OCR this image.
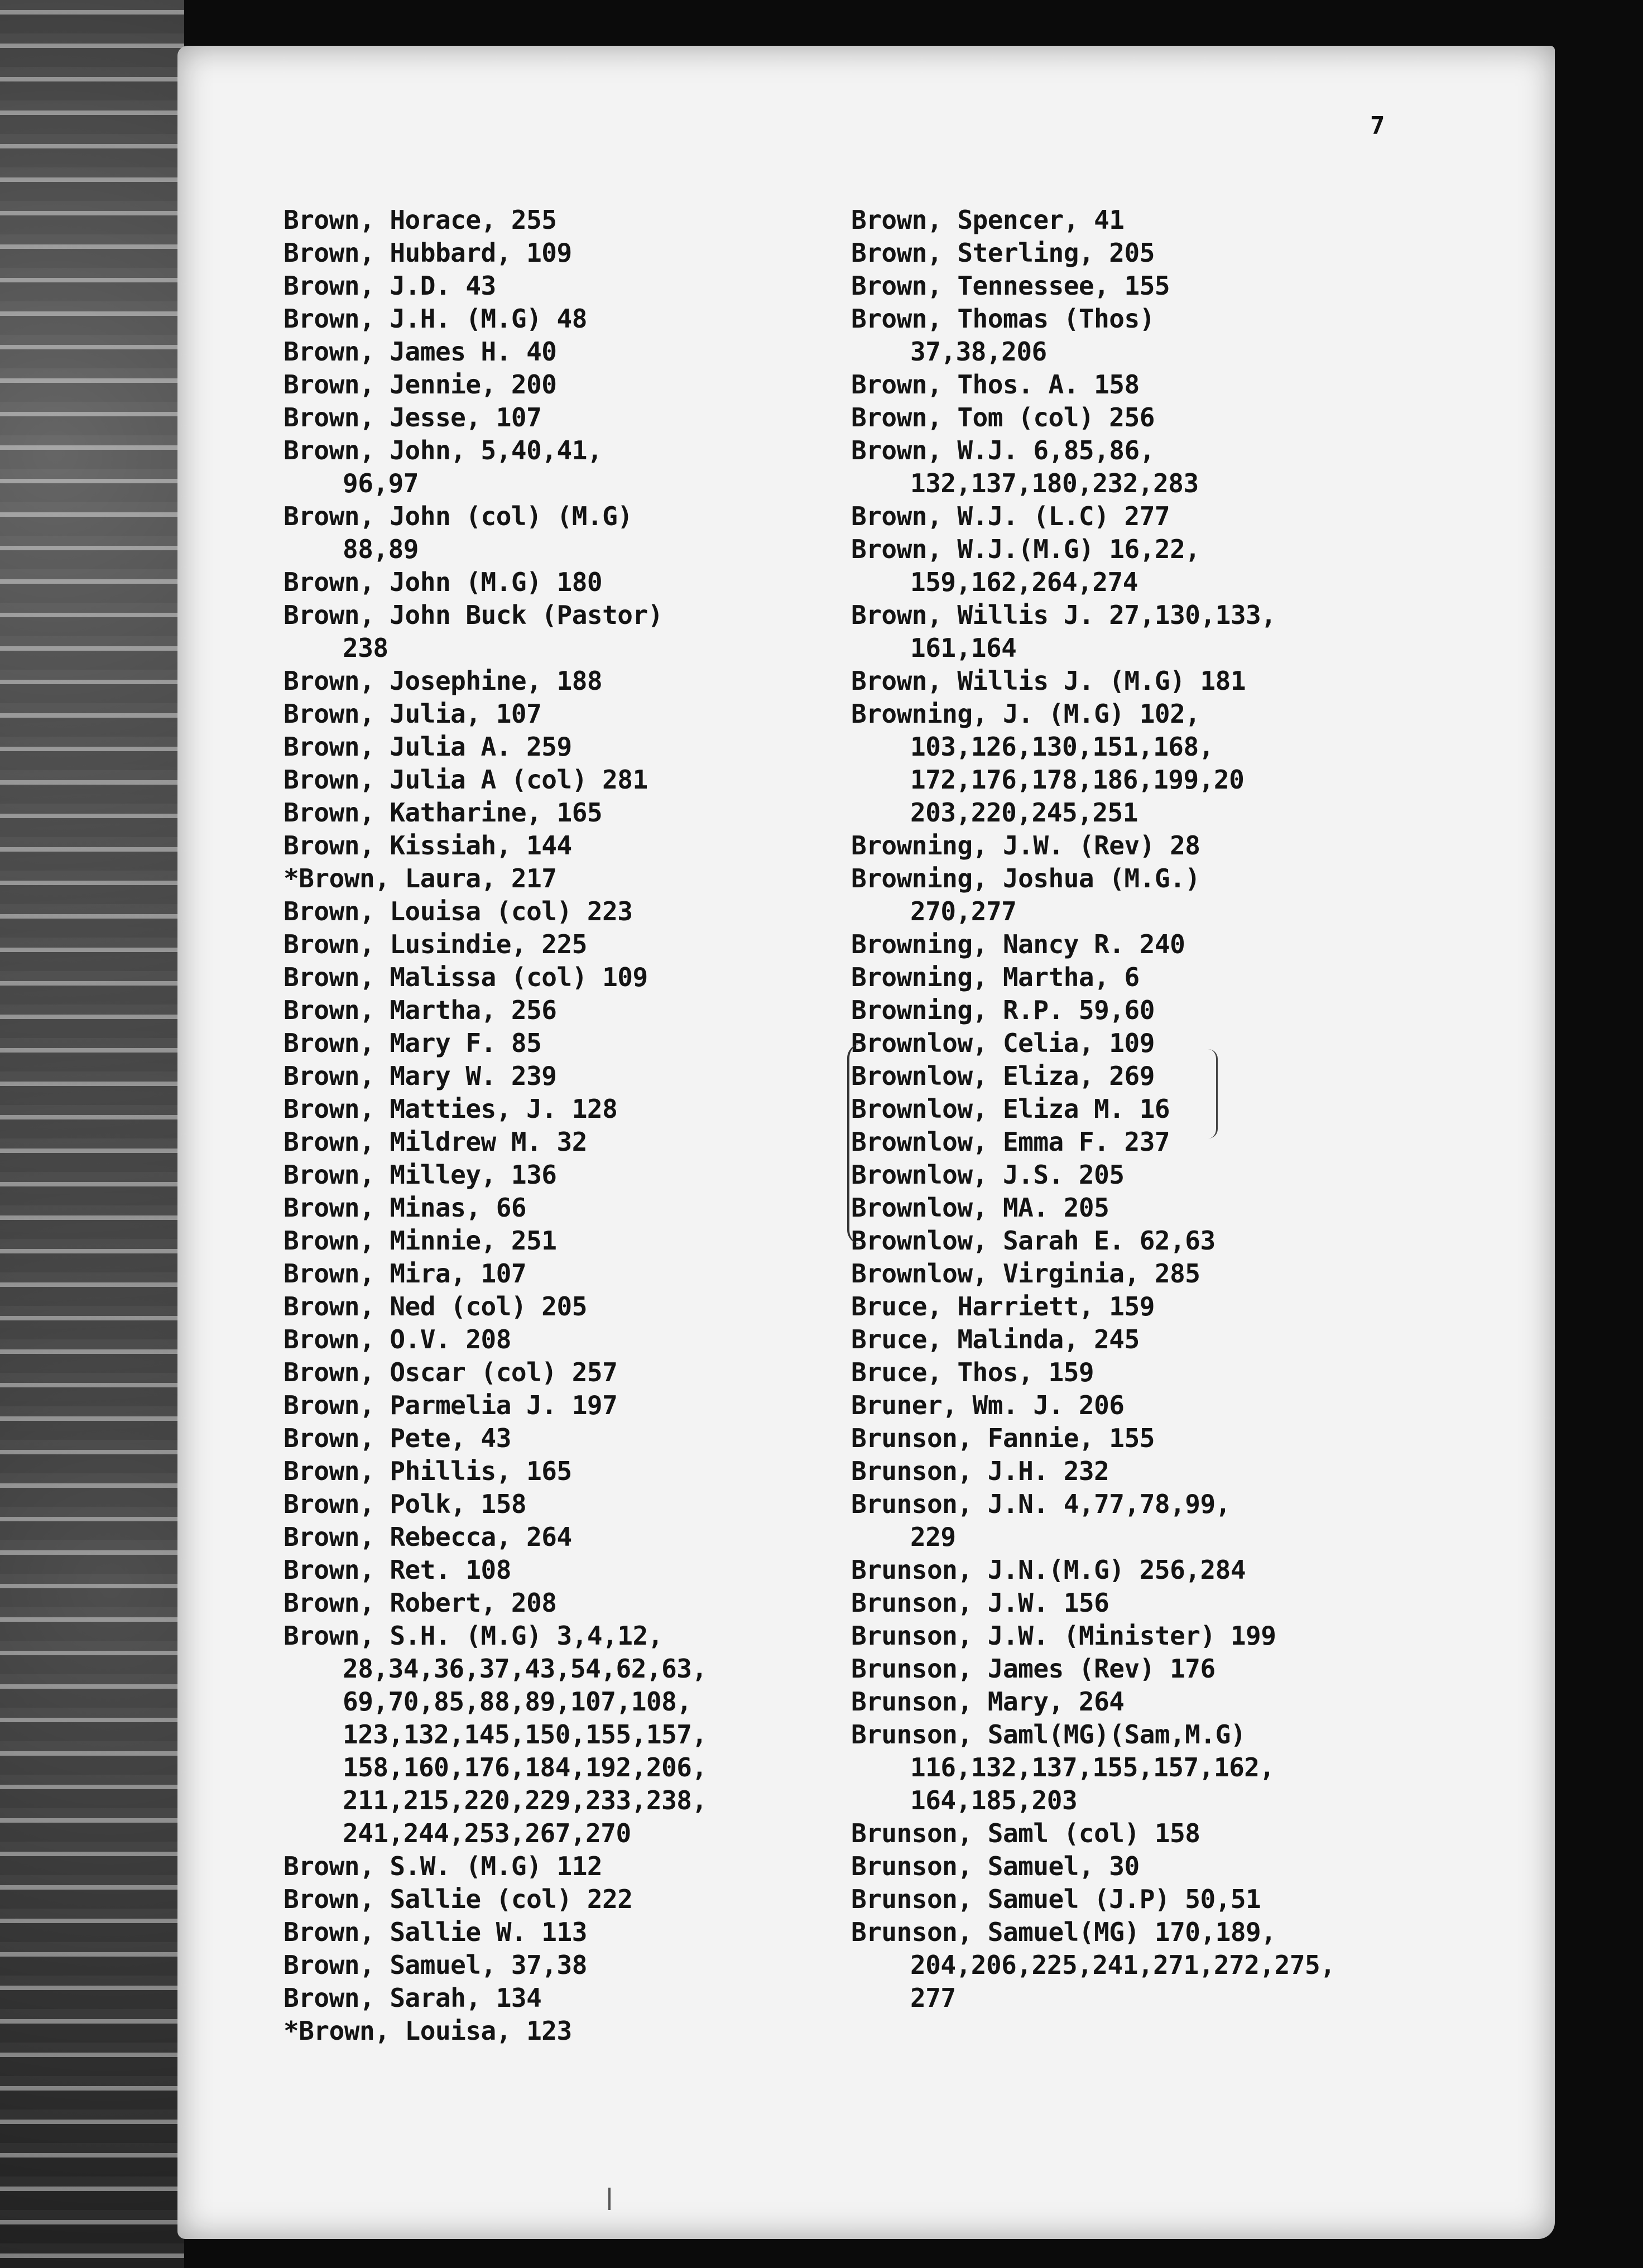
7
Brown, Horace, 255
Brown, Hubbard, 109
Brown, J.D. 43
Brown, J.H. (M.G) 48
Brown, James H. 40
Brown, Jennie, 200
Brown, Jesse, 107
Brown, John, 5,40,41,
96,97
Brown, John (col) (M.G)
88,89
Brown, John (M.G) 180
Brown, John Buck (Pastor)
238
Brown, Josephine, 188
Brown, Julia, 107
Brown, Julia A. 259
Brown, Julia A (col) 281
Brown, Katharine, 165
Brown, Kissiah, 144
*Brown, Laura, 217
Brown, Louisa (col) 223
Brown, Lusindie, 225
Brown, Malissa (col) 109
Brown, Martha, 256
Brown, Mary F. 85
Brown, Mary W. 239
Brown, Matties, J. 128
Brown, Mildrew M. 32
Brown, Milley, 136
Brown, Minas, 66
Brown, Minnie, 251
Brown, Mira, 107
Brown, Ned (col) 205
Brown, O.V. 208
Brown, Oscar (col) 257
Brown, Parmelia J. 197
Brown, Pete, 43
Brown, Phillis, 165
Brown, Polk, 158
Brown, Rebecca, 264
Brown, Ret. 108
Brown, Robert, 208
Brown, S.H. (M.G) 3,4,12,
28,34,36,37,43,54,62,63,
69,70,85,88,89,107,108,
123,132,145,150,155,157,
158,160,176,184,192,206,
211,215,220,229,233,238,
241,244,253,267,270
Brown, S.W. (M.G) 112
Brown, Sallie (col) 222
Brown, Sallie W. 113
Brown, Samuel, 37,38
Brown, Sarah, 134
*Brown, Louisa, 123
Brown, Spencer, 41
Brown, Sterling, 205
Brown, Tennessee, 155
Brown, Thomas (Thos)
37,38,206
Brown, Thos. A. 158
Brown, Tom (col) 256
Brown, W.J. 6,85,86,
132,137,180,232,283
Brown, W.J. (L.C) 277
Brown, W.J.(M.G) 16,22,
159,162,264,274
Brown, Willis J. 27,130,133,
161,164
Brown, Willis J. (M.G) 181
Browning, J. (M.G) 102,
103,126,130,151,168,
172,176,178,186,199,20
203,220,245,251
Browning, J.W. (Rev) 28
Browning, Joshua (M.G.)
270,277
Browning, Nancy R. 240
Browning, Martha, 6
Browning, R.P. 59,60
Brownlow, Celia, 109
Brownlow, Eliza, 269
Brownlow, Eliza M. 16
Brownlow, Emma F. 237
Brownlow, J.S. 205
Brownlow, MA. 205
Brownlow, Sarah E. 62,63
Brownlow, Virginia, 285
Bruce, Harriett, 159
Bruce, Malinda, 245
Bruce, Thos, 159
Bruner, Wm. J. 206
Brunson, Fannie, 155
Brunson, J.H. 232
Brunson, J.N. 4,77,78,99,
229
Brunson, J.N.(M.G) 256,284
Brunson, J.W. 156
Brunson, J.W. (Minister) 199
Brunson, James (Rev) 176
Brunson, Mary, 264
Brunson, Saml(MG)(Sam,M.G)
116,132,137,155,157,162,
164,185,203
Brunson, Saml (col) 158
Brunson, Samuel, 30
Brunson, Samuel (J.P) 50,51
Brunson, Samuel(MG) 170,189,
204,206,225,241,271,272,275,
277
